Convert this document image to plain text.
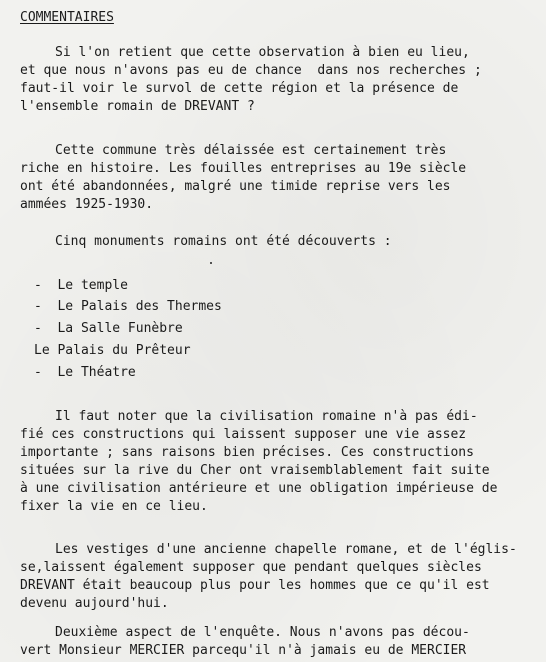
COMMENTAIRES
Si l'on retient que cette observation à bien eu lieu,
et que nous n'avons pas eu de chance  dans nos recherches ;
faut-il voir le survol de cette région et la présence de
l'ensemble romain de DREVANT ?
Cette commune très délaissée est certainement très
riche en histoire. Les fouilles entreprises au 19e siècle
ont été abandonnées, malgré une timide reprise vers les
ammées 1925-1930.
Cinq monuments romains ont été découverts :
-  Le temple
-  Le Palais des Thermes
-  La Salle Funèbre
Le Palais du Prêteur
-  Le Théatre
Il faut noter que la civilisation romaine n'à pas édi-
fié ces constructions qui laissent supposer une vie assez
importante ; sans raisons bien précises. Ces constructions
situées sur la rive du Cher ont vraisemblablement fait suite
à une civilisation antérieure et une obligation impérieuse de
fixer la vie en ce lieu.
Les vestiges d'une ancienne chapelle romane, et de l'églis-
se,laissent également supposer que pendant quelques siècles
DREVANT était beaucoup plus pour les hommes que ce qu'il est
devenu aujourd'hui.
Deuxième aspect de l'enquête. Nous n'avons pas décou-
vert Monsieur MERCIER parcequ'il n'à jamais eu de MERCIER
